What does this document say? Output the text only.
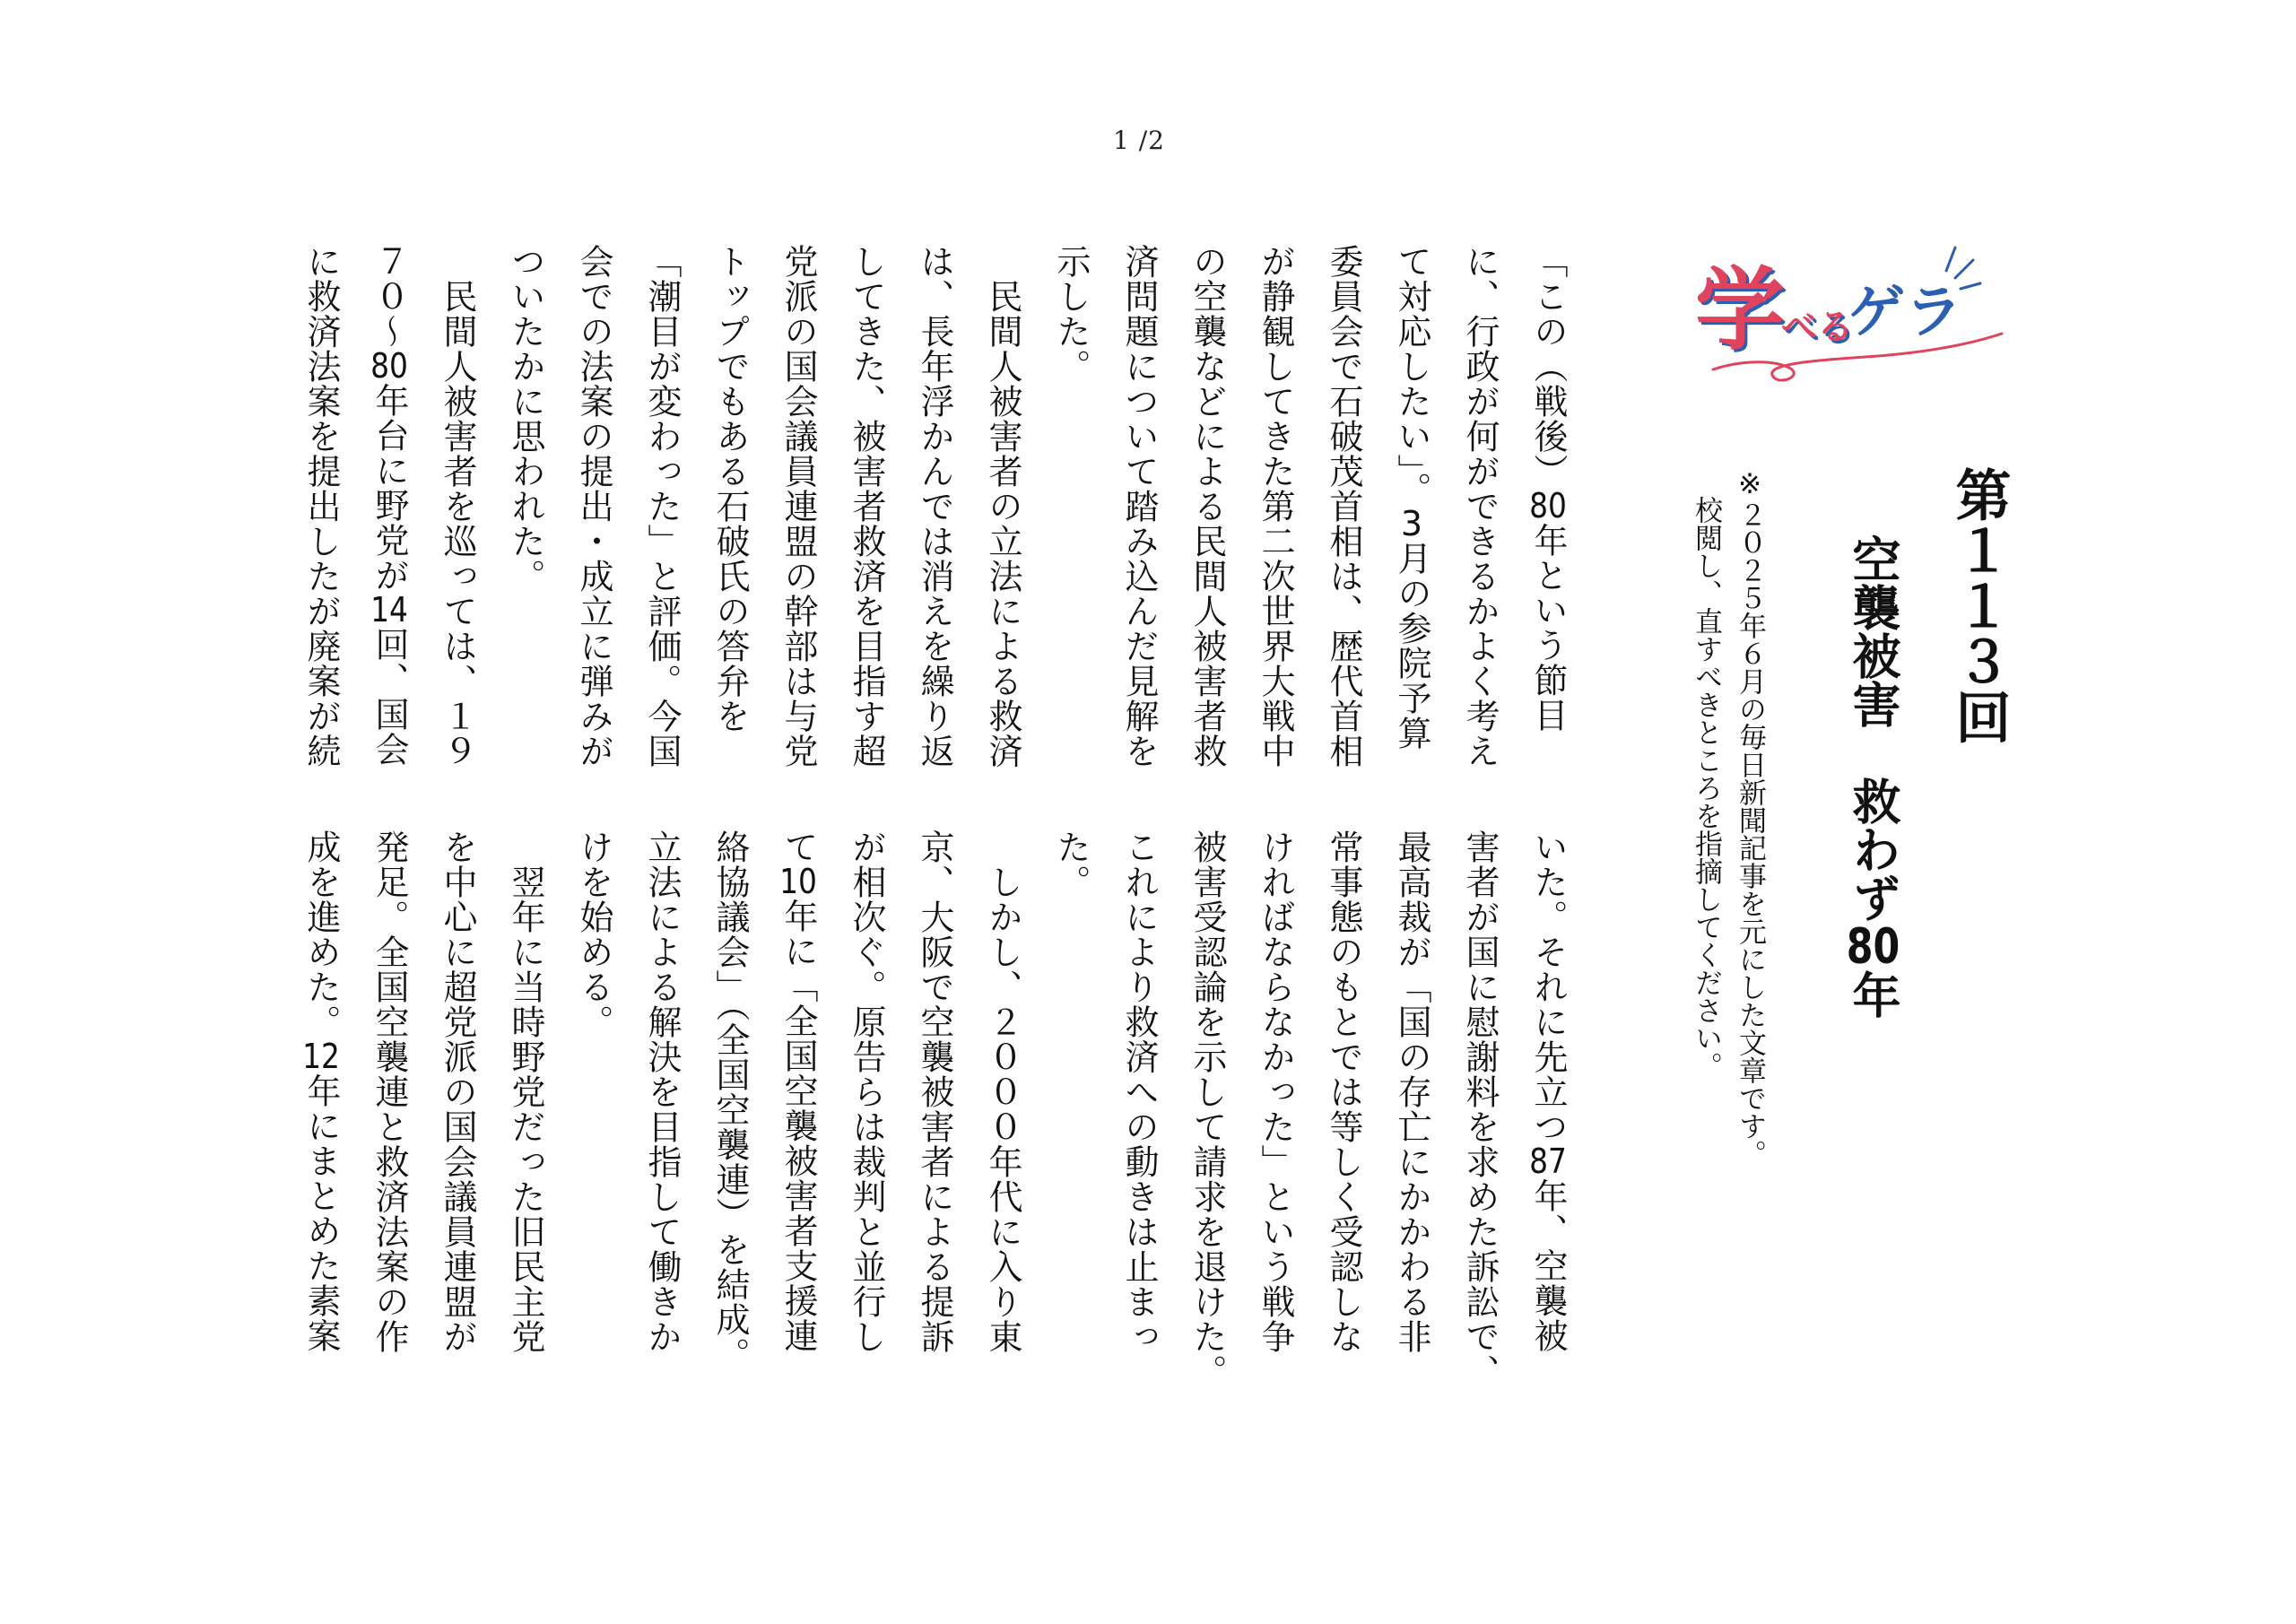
1 /2
学
べる
ゲラ
第１１３回
空襲被害　救わず80年
※２０２５年６月の毎日新聞記事を元にした文章です。
校閲し、直すべきところを指摘してください。
「この（戦後）80年という節目
に、行政が何ができるかよく考え
て対応したい」。3月の参院予算
委員会で石破茂首相は、歴代首相
が静観してきた第二次世界大戦中
の空襲などによる民間人被害者救
済問題について踏み込んだ見解を
示した。
　民間人被害者の立法による救済
は、長年浮かんでは消えを繰り返
してきた、被害者救済を目指す超
党派の国会議員連盟の幹部は与党
トップでもある石破氏の答弁を
「潮目が変わった」と評価。今国
会での法案の提出・成立に弾みが
ついたかに思われた。
　民間人被害者を巡っては、１９
７０～80年台に野党が14回、国会
に救済法案を提出したが廃案が続
いた。それに先立つ87年、空襲被
害者が国に慰謝料を求めた訴訟で、
最高裁が「国の存亡にかかわる非
常事態のもとでは等しく受認しな
ければならなかった」という戦争
被害受認論を示して請求を退けた。
これにより救済への動きは止まっ
た。
　しかし、２０００年代に入り東
京、大阪で空襲被害者による提訴
が相次ぐ。原告らは裁判と並行し
て10年に「全国空襲被害者支援連
絡協議会」（全国空襲連）を結成。
立法による解決を目指して働きか
けを始める。
　翌年に当時野党だった旧民主党
を中心に超党派の国会議員連盟が
発足。全国空襲連と救済法案の作
成を進めた。12年にまとめた素案
